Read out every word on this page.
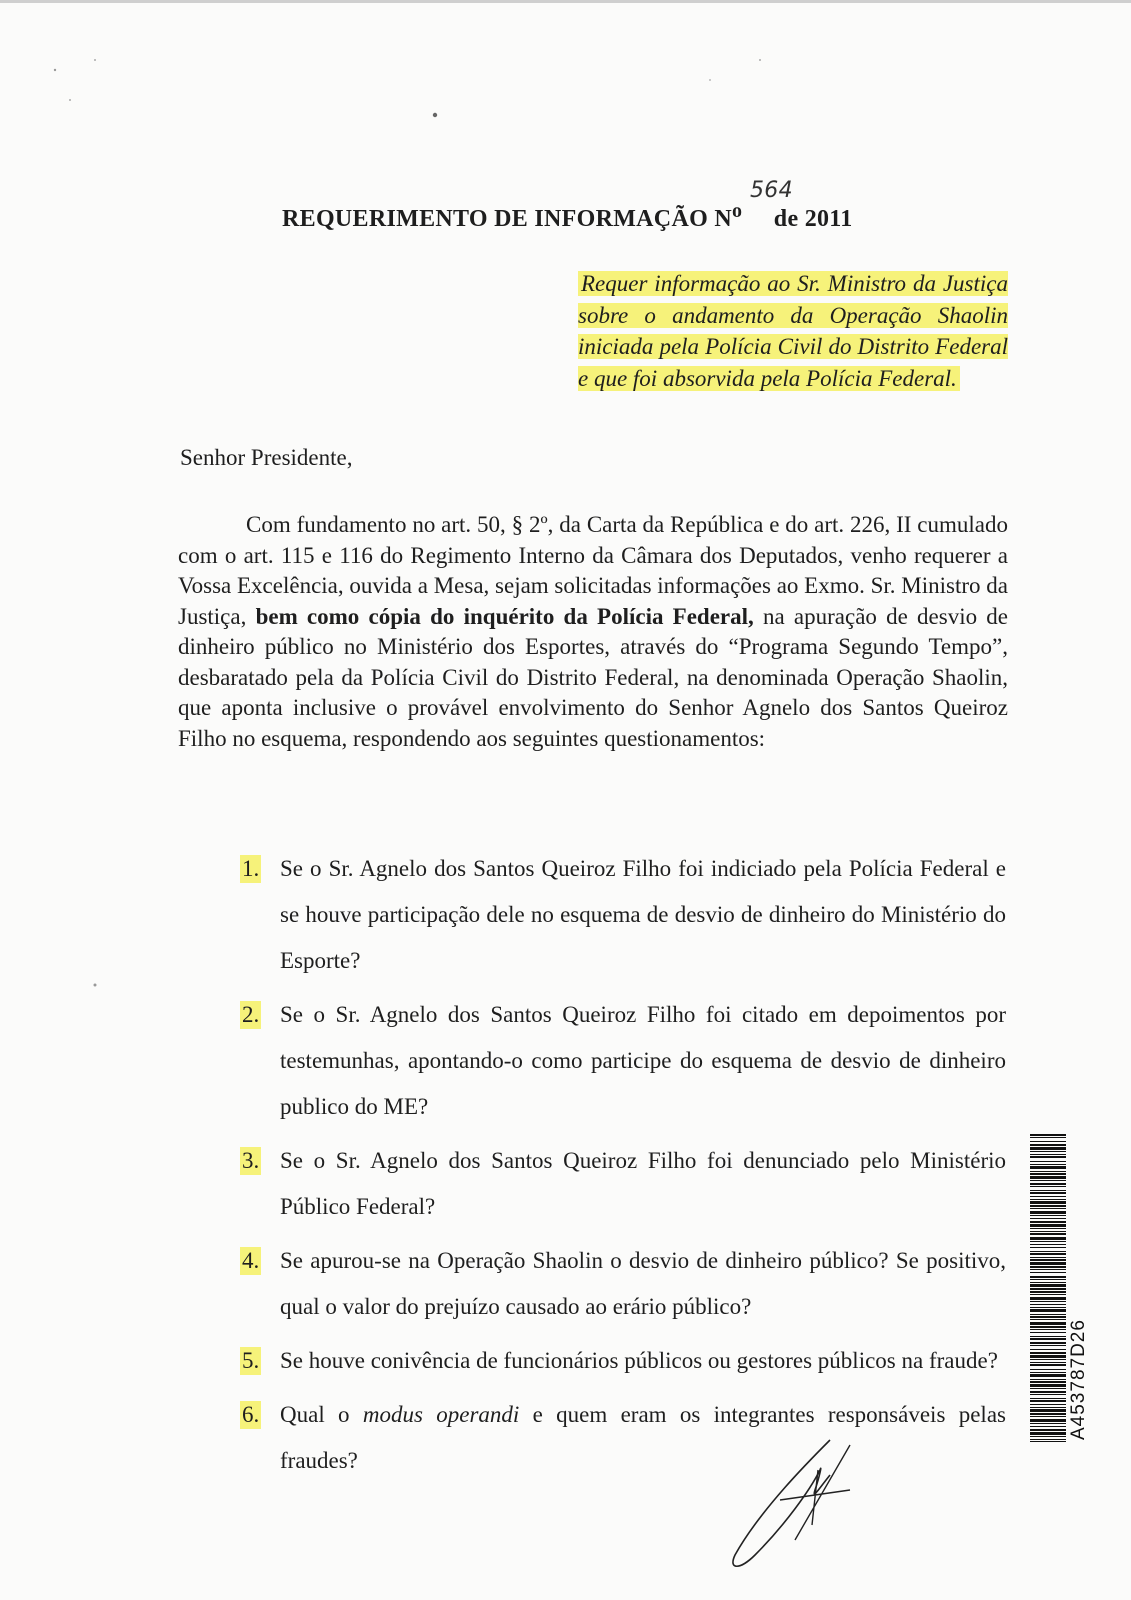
REQUERIMENTO DE INFORMAÇÃO $N^o$
564
de 2011
Requer informação ao Sr. Ministro da Justiça sobre o andamento da Operação Shaolin iniciada pela Polícia Civil do Distrito Federal e que foi absorvida pela Polícia Federal.
Senhor Presidente,
Com fundamento no art. 50, § 2º, da Carta da República e do art. 226, II cumulado com o art. 115 e 116 do Regimento Interno da Câmara dos Deputados, venho requerer a Vossa Excelência, ouvida a Mesa, sejam solicitadas informações ao Exmo. Sr. Ministro da Justiça, bem como cópia do inquérito da Polícia Federal, na apuração de desvio de dinheiro público no Ministério dos Esportes, através do “Programa Segundo Tempo”, desbaratado pela da Polícia Civil do Distrito Federal, na denominada Operação Shaolin, que aponta inclusive o provável envolvimento do Senhor Agnelo dos Santos Queiroz Filho no esquema, respondendo aos seguintes questionamentos:
1. Se o Sr. Agnelo dos Santos Queiroz Filho foi indiciado pela Polícia Federal e se houve participação dele no esquema de desvio de dinheiro do Ministério do Esporte?
2. Se o Sr. Agnelo dos Santos Queiroz Filho foi citado em depoimentos por testemunhas, apontando-o como participe do esquema de desvio de dinheiro publico do ME?
3. Se o Sr. Agnelo dos Santos Queiroz Filho foi denunciado pelo Ministério Público Federal?
4. Se apurou-se na Operação Shaolin o desvio de dinheiro público? Se positivo, qual o valor do prejuízo causado ao erário público?
5. Se houve conivência de funcionários públicos ou gestores públicos na fraude?
6. Qual o modus operandi e quem eram os integrantes responsáveis pelas fraudes?
A453787D26
